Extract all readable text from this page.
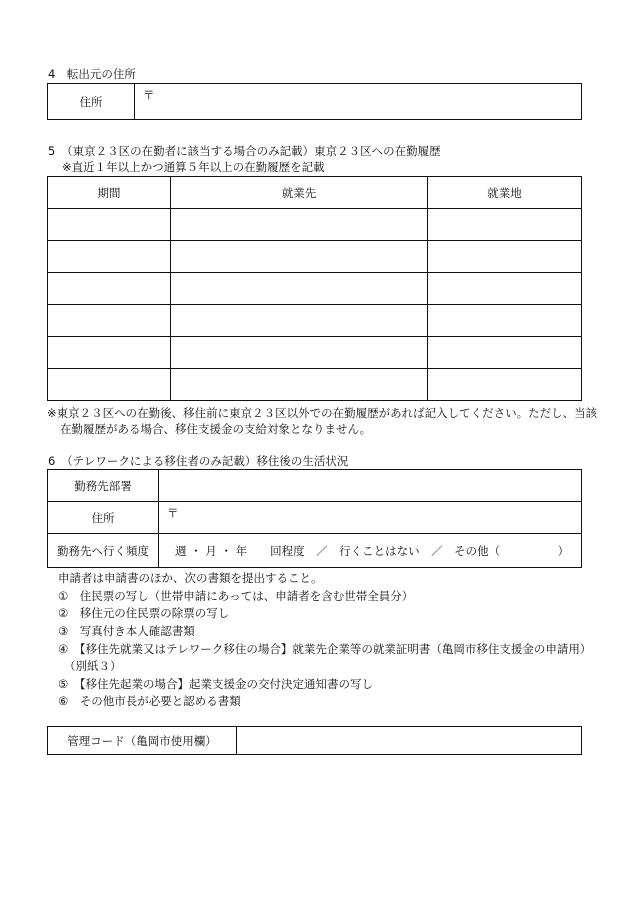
4　転出元の住所
住所	〒
5　（東京２３区の在勤者に該当する場合のみ記載）東京２３区への在勤履歴
※直近１年以上かつ通算５年以上の在勤履歴を記載
期間	就業先	就業地

※東京２３区への在勤後、移住前に東京２３区以外での在勤履歴があれば記入してください。ただし、当該
在勤履歴がある場合、移住支援金の支給対象となりません。
6　（テレワークによる移住者のみ記載）移住後の生活状況
勤務先部署	
住所	〒
勤務先へ行く頻度	週 ・ 月 ・ 年　　回程度　／　行くことはない　／　その他（　　　　　）
申請者は申請書のほか、次の書類を提出すること。
①　住民票の写し（世帯申請にあっては、申請者を含む世帯全員分）
②　移住元の住民票の除票の写し
③　写真付き本人確認書類
④　【移住先就業又はテレワーク移住の場合】就業先企業等の就業証明書（亀岡市移住支援金の申請用）
（別紙３）
⑤　【移住先起業の場合】起業支援金の交付決定通知書の写し
⑥　その他市長が必要と認める書類
管理コード（亀岡市使用欄）	
